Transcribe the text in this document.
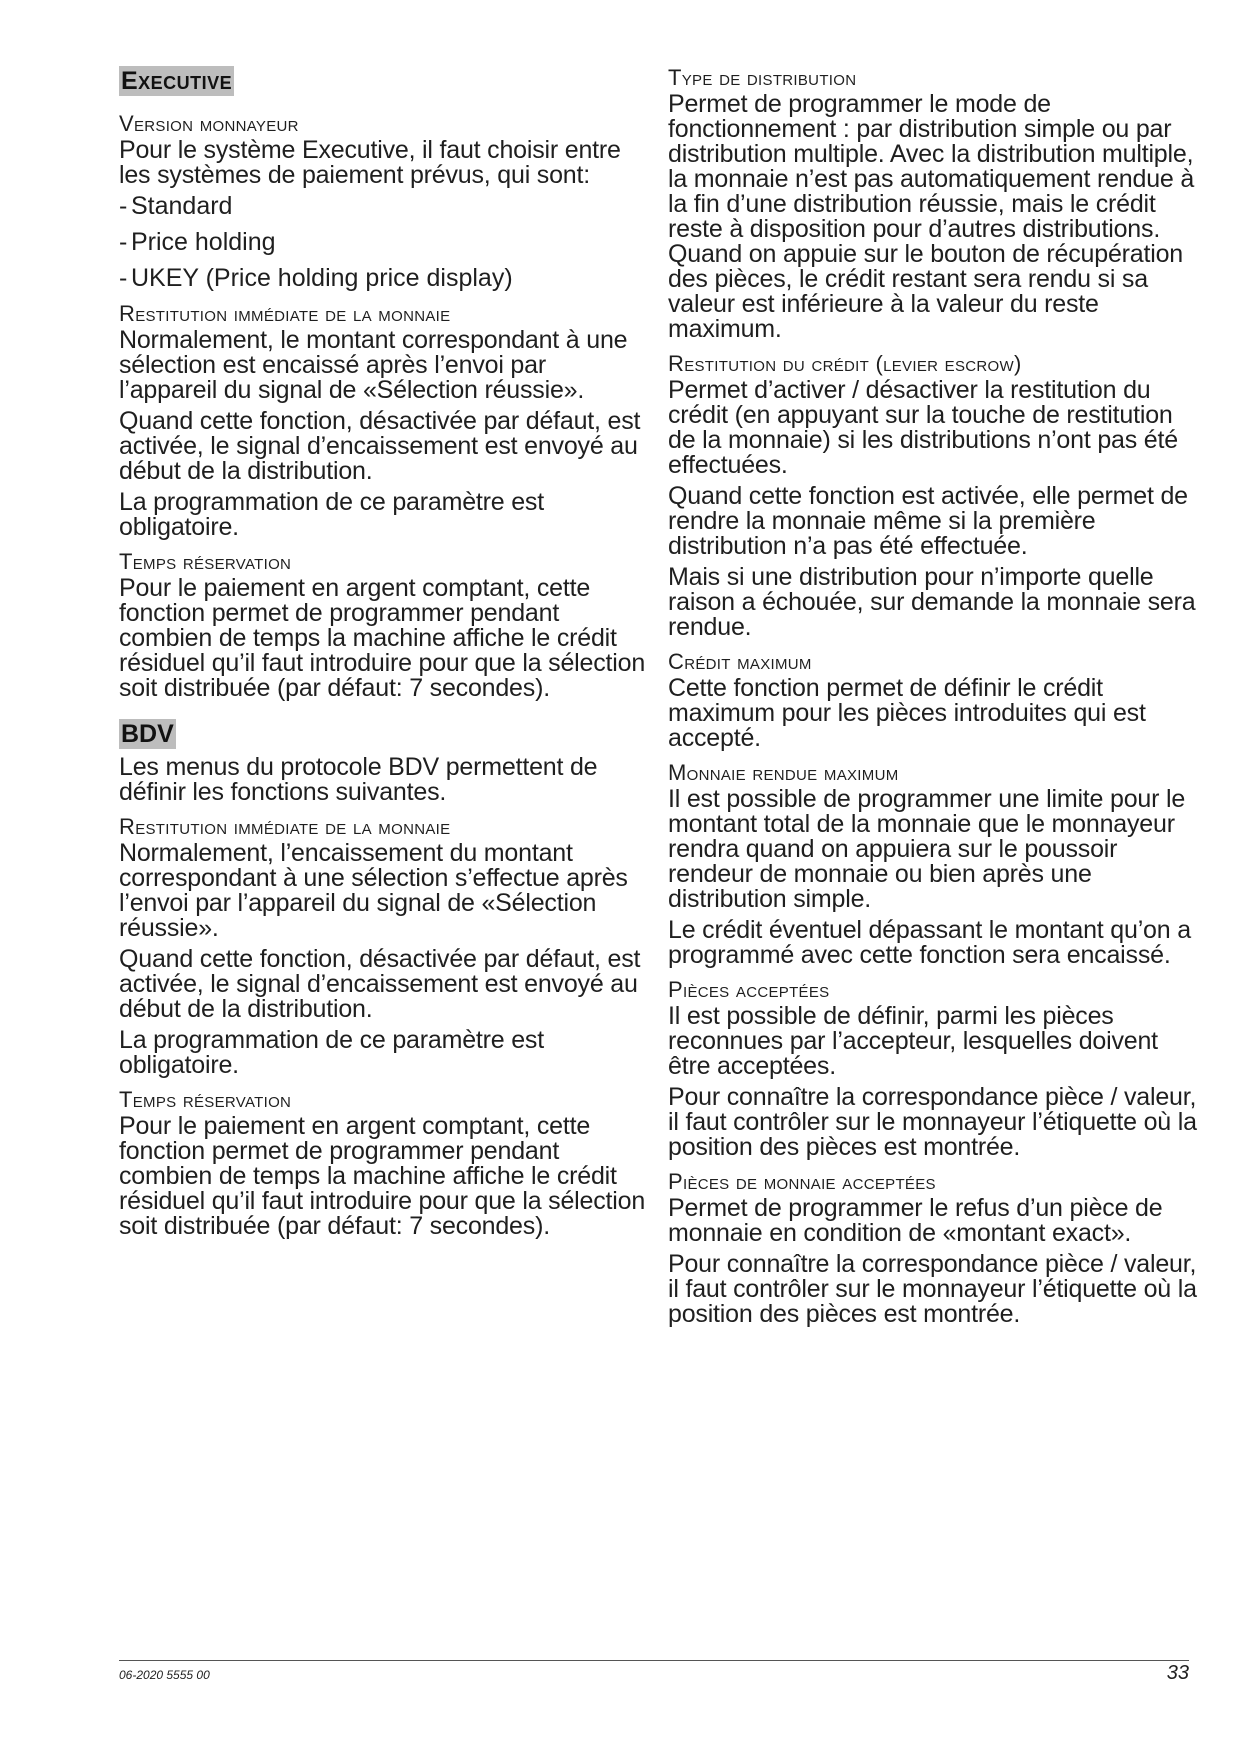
Executive
Version monnayeur

Pour le système Executive, il faut choisir entre les systèmes de paiement prévus, qui sont:

- Standard
- Price holding
- UKEY (Price holding price display)
Restitution immédiate de la monnaie

Normalement, le montant correspondant à une sélection est encaissé après l’envoi par l’appareil du signal de «Sélection réussie».

Quand cette fonction, désactivée par défaut, est activée, le signal d’encaissement est envoyé au début de la distribution.

La programmation de ce paramètre est obligatoire.

Temps réservation

Pour le paiement en argent comptant, cette fonction permet de programmer pendant combien de temps la machine affiche le crédit résiduel qu’il faut introduire pour que la sélection soit distribuée (par défaut: 7 secondes).

BDV

Les menus du protocole BDV permettent de définir les fonctions suivantes.

Restitution immédiate de la monnaie

Normalement, l’encaissement du montant correspondant à une sélection s’effectue après l’envoi par l’appareil du signal de «Sélection réussie».

Quand cette fonction, désactivée par défaut, est activée, le signal d’encaissement est envoyé au début de la distribution.

La programmation de ce paramètre est obligatoire.

Temps réservation

Pour le paiement en argent comptant, cette fonction permet de programmer pendant combien de temps la machine affiche le crédit résiduel qu’il faut introduire pour que la sélection soit distribuée (par défaut: 7 secondes).

Type de distribution

Permet de programmer le mode de fonctionnement : par distribution simple ou par distribution multiple. Avec la distribution multiple, la monnaie n’est pas automatiquement rendue à la fin d’une distribution réussie, mais le crédit reste à disposition pour d’autres distributions. Quand on appuie sur le bouton de récupération des pièces, le crédit restant sera rendu si sa valeur est inférieure à la valeur du reste maximum.

Restitution du crédit (levier escrow)

Permet d’activer / désactiver la restitution du crédit (en appuyant sur la touche de restitution de la monnaie) si les distributions n’ont pas été effectuées.

Quand cette fonction est activée, elle permet de rendre la monnaie même si la première distribution n’a pas été effectuée.

Mais si une distribution pour n’importe quelle raison a échouée, sur demande la monnaie sera rendue.

Crédit maximum

Cette fonction permet de définir le crédit maximum pour les pièces introduites qui est accepté.

Monnaie rendue maximum

Il est possible de programmer une limite pour le montant total de la monnaie que le monnayeur rendra quand on appuiera sur le poussoir rendeur de monnaie ou bien après une distribution simple.

Le crédit éventuel dépassant le montant qu’on a programmé avec cette fonction sera encaissé.

Pièces acceptées

Il est possible de définir, parmi les pièces reconnues par l’accepteur, lesquelles doivent être acceptées.

Pour connaître la correspondance pièce / valeur, il faut contrôler sur le monnayeur l’étiquette où la position des pièces est montrée.

Pièces de monnaie acceptées

Permet de programmer le refus d’un pièce de monnaie en condition de «montant exact».

Pour connaître la correspondance pièce / valeur, il faut contrôler sur le monnayeur l’étiquette où la position des pièces est montrée.

06-2020 5555 00	33
